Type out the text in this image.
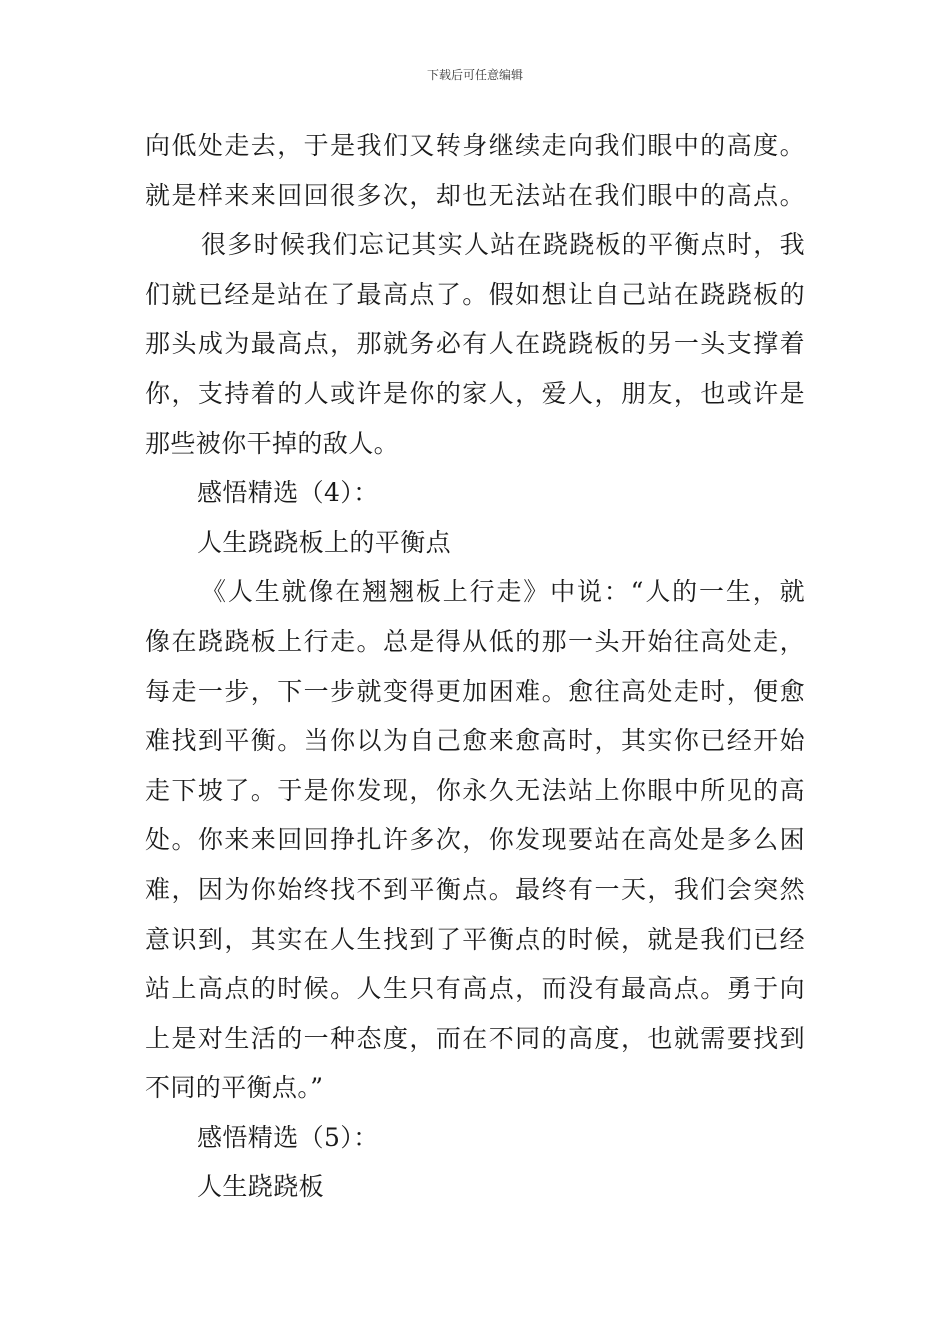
下载后可任意编辑
向低处走去，于是我们又转身继续走向我们眼中的高度。
就是样来来回回很多次，却也无法站在我们眼中的高点。
很多时候我们忘记其实人站在跷跷板的平衡点时，我
们就已经是站在了最高点了。假如想让自己站在跷跷板的
那头成为最高点，那就务必有人在跷跷板的另一头支撑着
你，支持着的人或许是你的家人，爱人，朋友，也或许是
那些被你干掉的敌人。
感悟精选（4）：
人生跷跷板上的平衡点
《人生就像在翘翘板上行走》中说：“人的一生，就
像在跷跷板上行走。总是得从低的那一头开始往高处走，
每走一步，下一步就变得更加困难。愈往高处走时，便愈
难找到平衡。当你以为自己愈来愈高时，其实你已经开始
走下坡了。于是你发现，你永久无法站上你眼中所见的高
处。你来来回回挣扎许多次，你发现要站在高处是多么困
难，因为你始终找不到平衡点。最终有一天，我们会突然
意识到，其实在人生找到了平衡点的时候，就是我们已经
站上高点的时候。人生只有高点，而没有最高点。勇于向
上是对生活的一种态度，而在不同的高度，也就需要找到
不同的平衡点。”
感悟精选（5）：
人生跷跷板
